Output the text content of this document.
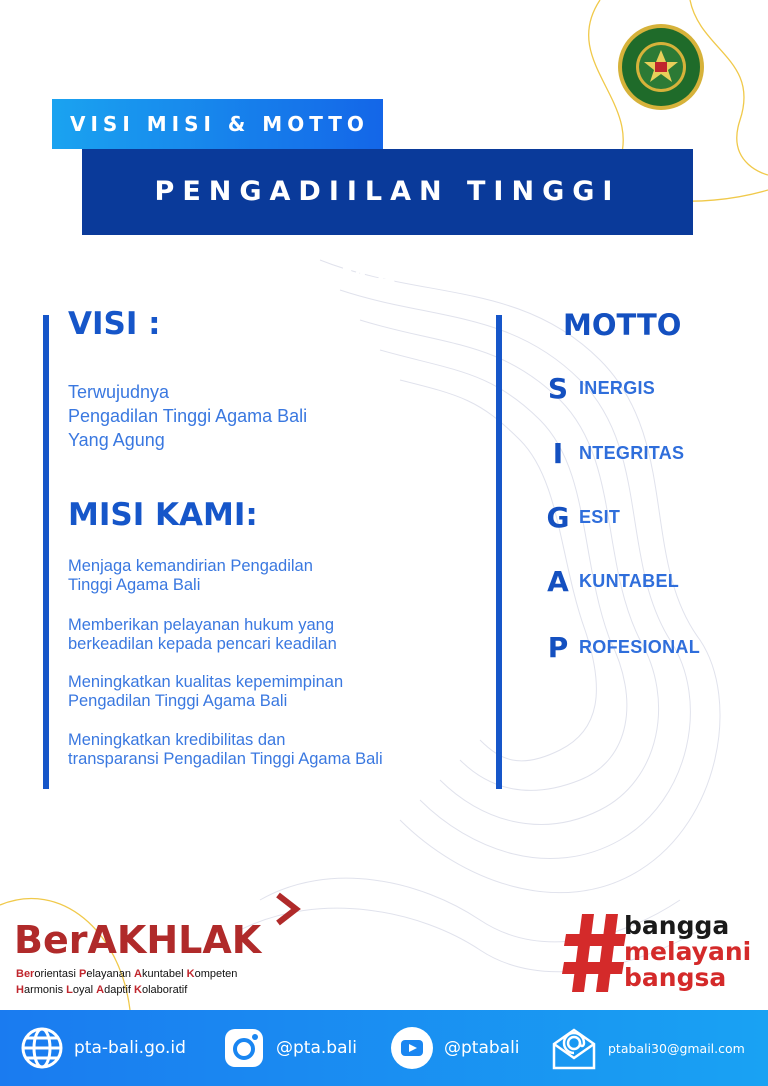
VISI MISI & MOTTO
PENGADIILAN TINGGI AGAMA BALI
VISI :
Terwujudnya
Pengadilan Tinggi Agama Bali
Yang Agung
MISI KAMI:
Menjaga kemandirian Pengadilan
Tinggi Agama Bali
Memberikan pelayanan hukum yang
berkeadilan kepada pencari keadilan
Meningkatkan kualitas kepemimpinan
Pengadilan Tinggi Agama Bali
Meningkatkan kredibilitas dan
transparansi Pengadilan Tinggi Agama Bali
MOTTO
S INERGIS
I NTEGRITAS
G ESIT
A KUNTABEL
P ROFESIONAL
BerAKHLAK
Berorientasi Pelayanan Akuntabel Kompeten
Harmonis Loyal Adaptif Kolaboratif
bangga
melayani
bangsa
pta-bali.go.id	@pta.bali	@ptabali	ptabali30@gmail.com
